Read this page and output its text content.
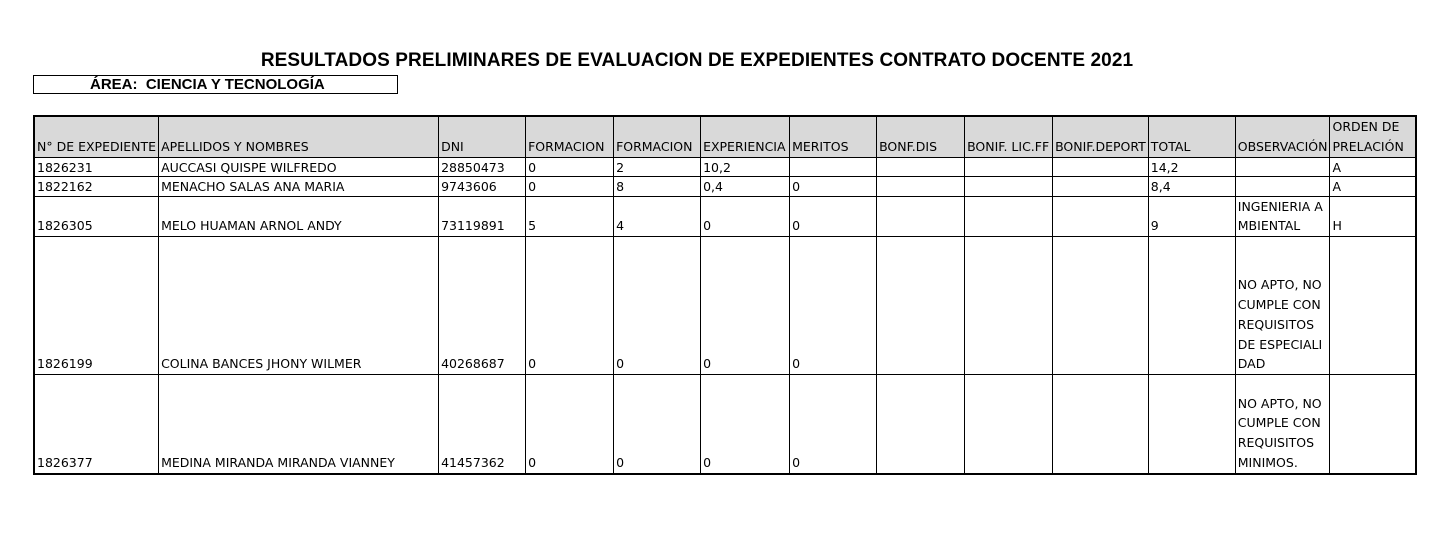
RESULTADOS PRELIMINARES DE EVALUACION DE EXPEDIENTES CONTRATO DOCENTE 2021
ÁREA:  CIENCIA Y TECNOLOGÍA
N° DE EXPEDIENTE	APELLIDOS Y NOMBRES	DNI	FORMACION	FORMACION	EXPERIENCIA	MERITOS	BONF.DIS	BONIF. LIC.FF	BONIF.DEPORT	TOTAL	OBSERVACIÓN	ORDEN DE PRELACIÓN
1826231	AUCCASI QUISPE WILFREDO	28850473	0	2	10,2					14,2		A
1822162	MENACHO SALAS ANA MARIA	9743606	0	8	0,4	0				8,4		A
1826305	MELO HUAMAN ARNOL ANDY	73119891	5	4	0	0				9	INGENIERIA AMBIENTAL	H
1826199	COLINA BANCES JHONY WILMER	40268687	0	0	0	0					NO APTO, NO CUMPLE CON REQUISITOS DE ESPECIALIDAD	
1826377	MEDINA MIRANDA MIRANDA VIANNEY	41457362	0	0	0	0					NO APTO, NO CUMPLE CON REQUISITOS MINIMOS.	
